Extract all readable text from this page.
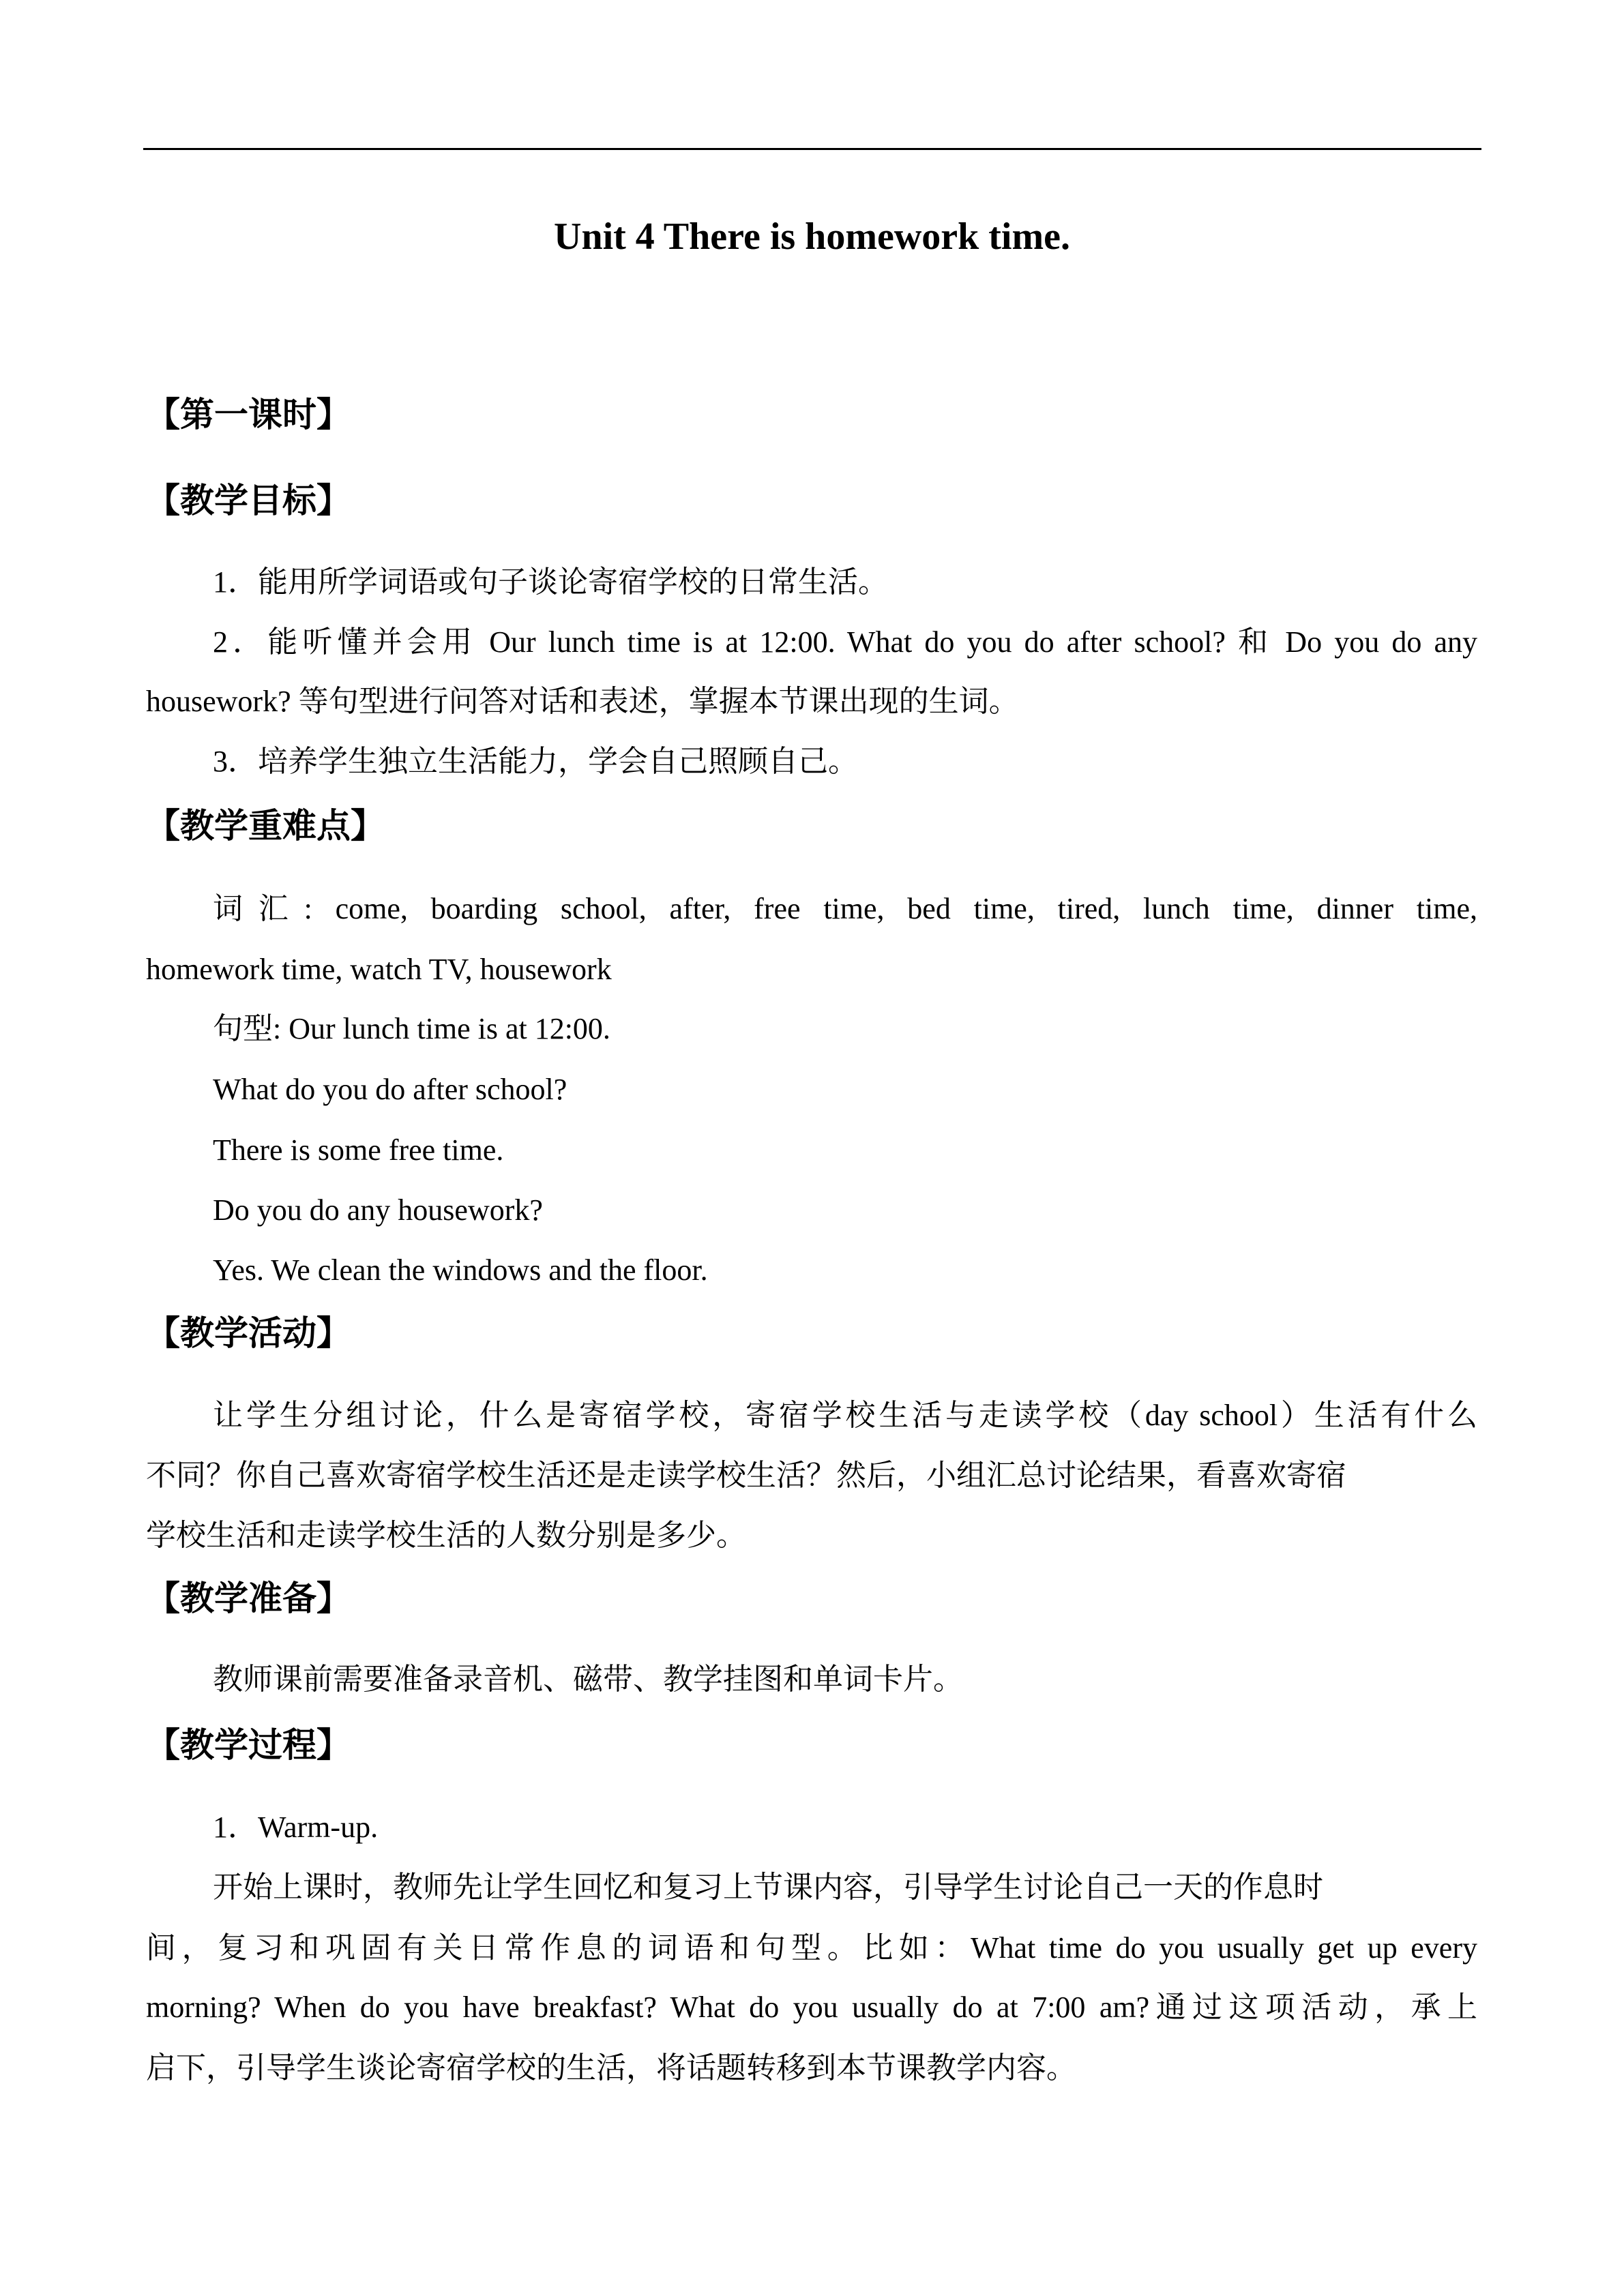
Unit 4 There is homework time.
【第一课时】
【教学目标】
1．能用所学词语或句子谈论寄宿学校的日常生活。
2．能听懂并会用 Our lunch time is at 12:00. What do you do after school? 和 Do you do any
housework? 等句型进行问答对话和表述，掌握本节课出现的生词。
3．培养学生独立生活能力，学会自己照顾自己。
【教学重难点】
词汇: come, boarding school, after, free time, bed time, tired, lunch time, dinner time,
homework time, watch TV, housework
句型: Our lunch time is at 12:00.
What do you do after school?
There is some free time.
Do you do any housework?
Yes. We clean the windows and the floor.
【教学活动】
让学生分组讨论，什么是寄宿学校，寄宿学校生活与走读学校（day school）生活有什么
不同？你自己喜欢寄宿学校生活还是走读学校生活？然后，小组汇总讨论结果，看喜欢寄宿
学校生活和走读学校生活的人数分别是多少。
【教学准备】
教师课前需要准备录音机、磁带、教学挂图和单词卡片。
【教学过程】
1．Warm-up.
开始上课时，教师先让学生回忆和复习上节课内容，引导学生讨论自己一天的作息时
间，复习和巩固有关日常作息的词语和句型。比如：What time do you usually get up every
morning? When do you have breakfast? What do you usually do at 7:00 am?通过这项活动，承上
启下，引导学生谈论寄宿学校的生活，将话题转移到本节课教学内容。
